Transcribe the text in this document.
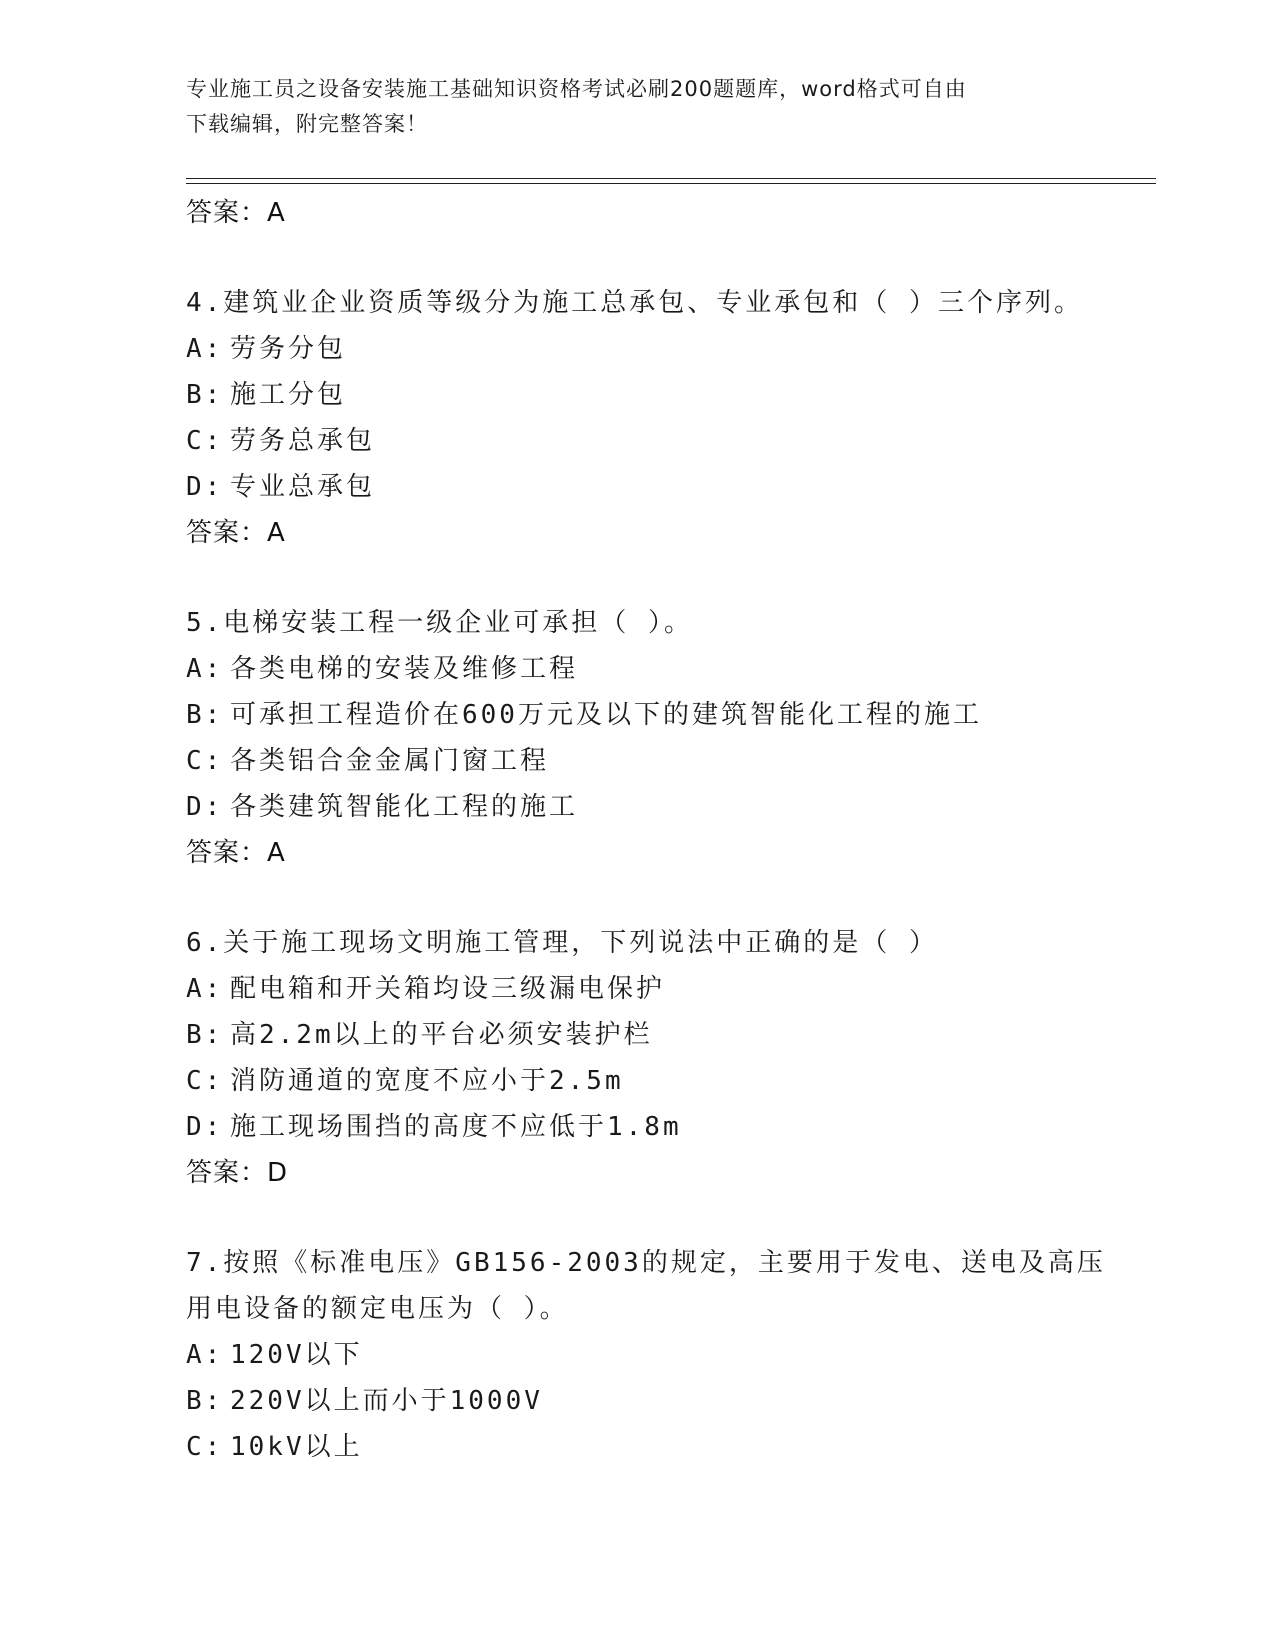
专业施工员之设备安装施工基础知识资格考试必刷200题题库，word格式可自由
下载编辑，附完整答案！
答案：A
4.建筑业企业资质等级分为施工总承包、专业承包和（ ）三个序列。
A: 劳务分包
B: 施工分包
C: 劳务总承包
D: 专业总承包
答案：A
5.电梯安装工程一级企业可承担（ ）。
A: 各类电梯的安装及维修工程
B: 可承担工程造价在600万元及以下的建筑智能化工程的施工
C: 各类铝合金金属门窗工程
D: 各类建筑智能化工程的施工
答案：A
6.关于施工现场文明施工管理，下列说法中正确的是（ ）
A: 配电箱和开关箱均设三级漏电保护
B: 高2.2m以上的平台必须安装护栏
C: 消防通道的宽度不应小于2.5m
D: 施工现场围挡的高度不应低于1.8m
答案：D
7.按照《标准电压》GB156-2003的规定，主要用于发电、送电及高压
用电设备的额定电压为（ ）。
A: 120V以下
B: 220V以上而小于1000V
C: 10kV以上
